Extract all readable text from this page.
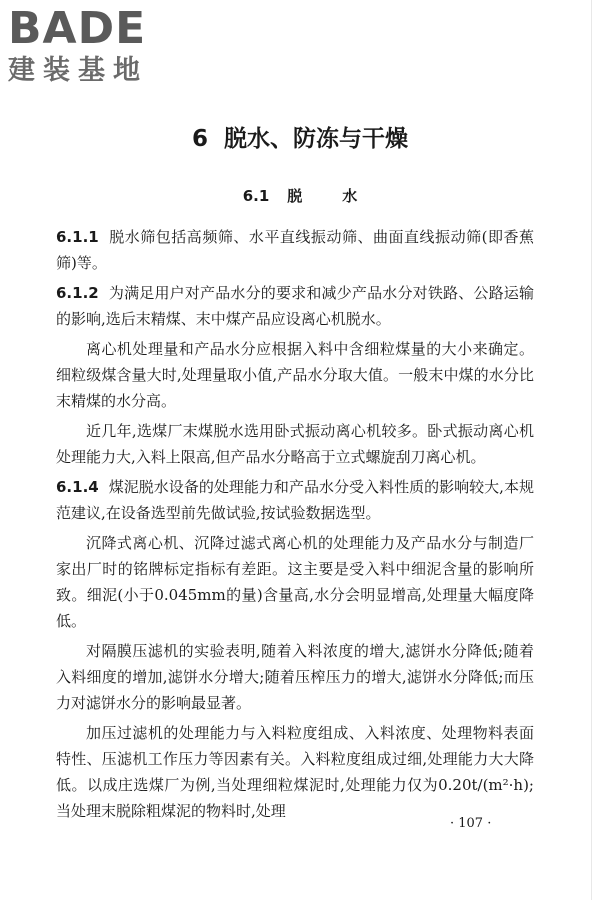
BADE
建装基地
6 脱水、防冻与干燥
6.1 脱	水

6.1.1 脱水筛包括高频筛、水平直线振动筛、曲面直线振动筛(即香蕉筛)等。

6.1.2 为满足用户对产品水分的要求和减少产品水分对铁路、公路运输的影响,选后末精煤、末中煤产品应设离心机脱水。

离心机处理量和产品水分应根据入料中含细粒煤量的大小来确定。细粒级煤含量大时,处理量取小值,产品水分取大值。一般末中煤的水分比末精煤的水分高。

近几年,选煤厂末煤脱水选用卧式振动离心机较多。卧式振动离心机处理能力大,入料上限高,但产品水分略高于立式螺旋刮刀离心机。

6.1.4 煤泥脱水设备的处理能力和产品水分受入料性质的影响较大,本规范建议,在设备选型前先做试验,按试验数据选型。

沉降式离心机、沉降过滤式离心机的处理能力及产品水分与制造厂家出厂时的铭牌标定指标有差距。这主要是受入料中细泥含量的影响所致。细泥(小于0.045mm的量)含量高,水分会明显增高,处理量大幅度降低。

对隔膜压滤机的实验表明,随着入料浓度的增大,滤饼水分降低;随着入料细度的增加,滤饼水分增大;随着压榨压力的增大,滤饼水分降低;而压力对滤饼水分的影响最显著。

加压过滤机的处理能力与入料粒度组成、入料浓度、处理物料表面特性、压滤机工作压力等因素有关。入料粒度组成过细,处理能力大大降低。以成庄选煤厂为例,当处理细粒煤泥时,处理能力仅为0.20t/(m²·h);当处理末脱除粗煤泥的物料时,处理

· 107 ·
